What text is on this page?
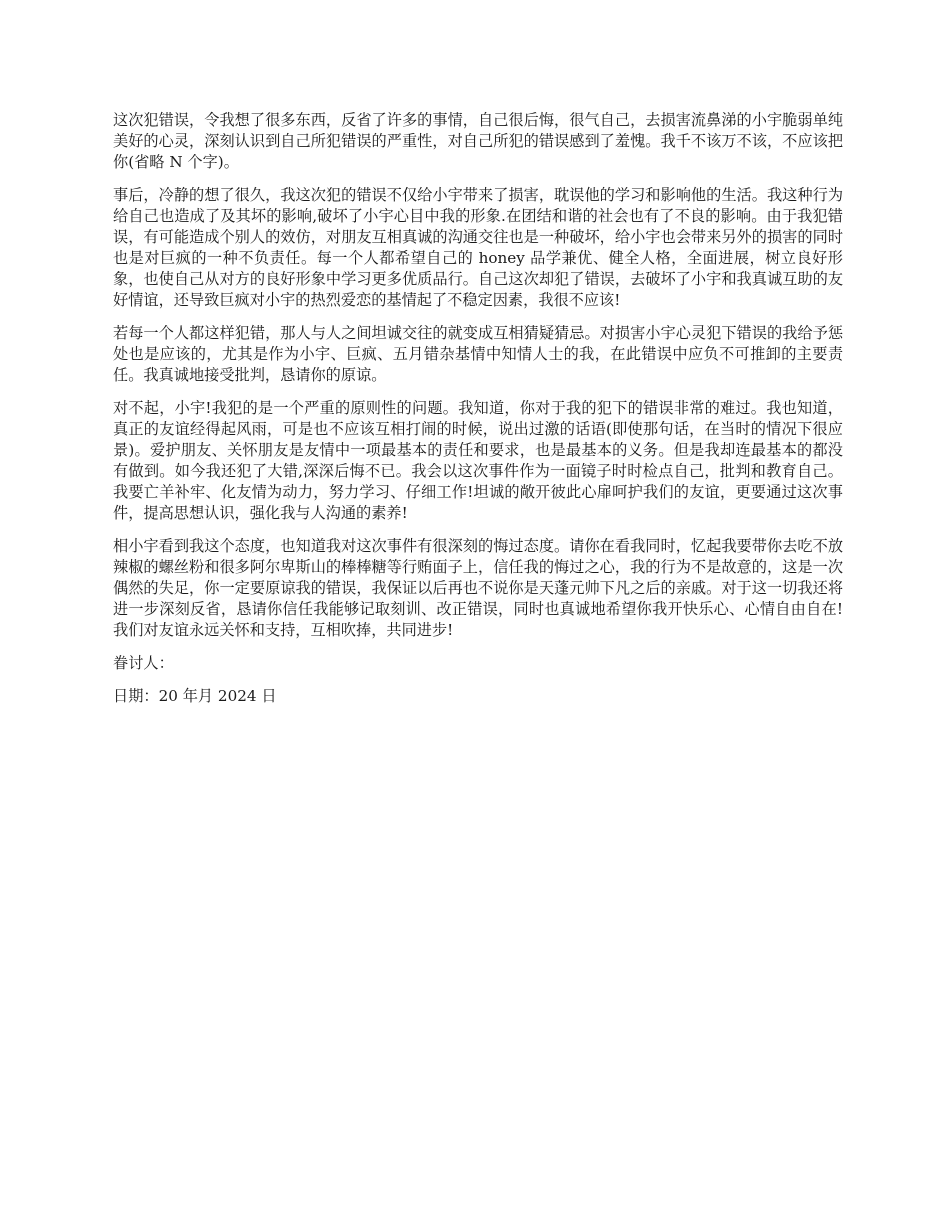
这次犯错误，令我想了很多东西，反省了许多的事情，自己很后悔，很气自己，去损害流鼻涕的小宇脆弱单纯美好的心灵，深刻认识到自己所犯错误的严重性，对自己所犯的错误感到了羞愧。我千不该万不该，不应该把你(省略 N 个字)。

事后，冷静的想了很久，我这次犯的错误不仅给小宇带来了损害，耽误他的学习和影响他的生活。我这种行为给自己也造成了及其坏的影响,破坏了小宇心目中我的形象.在团结和谐的社会也有了不良的影响。由于我犯错误，有可能造成个别人的效仿，对朋友互相真诚的沟通交往也是一种破坏，给小宇也会带来另外的损害的同时也是对巨疯的一种不负责任。每一个人都希望自己的 honey 品学兼优、健全人格，全面进展，树立良好形象，也使自己从对方的良好形象中学习更多优质品行。自己这次却犯了错误，去破坏了小宇和我真诚互助的友好情谊，还导致巨疯对小宇的热烈爱恋的基情起了不稳定因素，我很不应该!

若每一个人都这样犯错，那人与人之间坦诚交往的就变成互相猜疑猜忌。对损害小宇心灵犯下错误的我给予惩处也是应该的，尤其是作为小宇、巨疯、五月错杂基情中知情人士的我，在此错误中应负不可推卸的主要责任。我真诚地接受批判，恳请你的原谅。

对不起，小宇!我犯的是一个严重的原则性的问题。我知道，你对于我的犯下的错误非常的难过。我也知道，真正的友谊经得起风雨，可是也不应该互相打闹的时候，说出过激的话语(即使那句话，在当时的情况下很应景)。爱护朋友、关怀朋友是友情中一项最基本的责任和要求，也是最基本的义务。但是我却连最基本的都没有做到。如今我还犯了大错,深深后悔不已。我会以这次事件作为一面镜子时时检点自己，批判和教育自己。我要亡羊补牢、化友情为动力，努力学习、仔细工作!坦诚的敞开彼此心扉呵护我们的友谊，更要通过这次事件，提高思想认识，强化我与人沟通的素养!

相小宇看到我这个态度，也知道我对这次事件有很深刻的悔过态度。请你在看我同时，忆起我要带你去吃不放辣椒的螺丝粉和很多阿尔卑斯山的棒棒糖等行贿面子上，信任我的悔过之心，我的行为不是故意的，这是一次偶然的失足，你一定要原谅我的错误，我保证以后再也不说你是天蓬元帅下凡之后的亲戚。对于这一切我还将进一步深刻反省，恳请你信任我能够记取刻训、改正错误，同时也真诚地希望你我开快乐心、心情自由自在!我们对友谊永远关怀和支持，互相吹捧，共同进步!

眷讨人：

日期：20 年月 2024 日
